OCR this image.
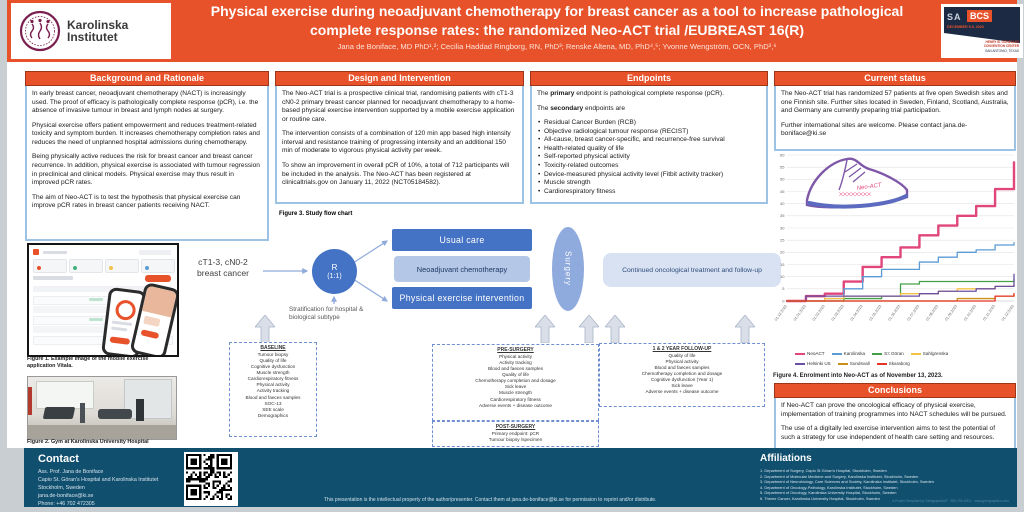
Karolinska
Institutet
Physical exercise during neoadjuvant chemotherapy for breast cancer as a tool to increase pathological
complete response rates: the randomized Neo-ACT trial /EUBREAST 16(R)
Jana de Boniface, MD PhD¹,²; Cecilia Haddad Ringborg, RN, PhD³; Renske Altena, MD, PhD⁴,⁵; Yvonne Wengström, OCN, PhD³,⁶
SA BCS
DECEMBER 5-9, 2023
HENRY B. GONZALEZ
CONVENTION CENTER
SAN ANTONIO, TEXAS
Background and Rationale
In early breast cancer, neoadjuvant chemotherapy (NACT) is increasingly used. The proof of efficacy is pathologically complete response (pCR), i.e. the absence of invasive tumour in breast and lymph nodes at surgery.
Physical exercise offers patient empowerment and reduces treatment-related toxicity and symptom burden. It increases chemotherapy completion rates and reduces the need of unplanned hospital admissions during chemotherapy.
Being physically active reduces the risk for breast cancer and breast cancer recurrence. In addition, physical exercise is associated with tumour regression in preclinical and clinical models. Physical exercise may thus result in improved pCR rates.
The aim of Neo-ACT is to test the hypothesis that physical exercise can improve pCR rates in breast cancer patients receiving NACT.
Design and Intervention
The Neo-ACT trial is a prospective clinical trial, randomising patients with cT1-3 cN0-2 primary breast cancer planned for neoadjuvant chemotherapy to a home-based physical exercise intervention supported by a mobile exercise application or routine care.
The intervention consists of a combination of 120 min app based high intensity interval and resistance training of progressing intensity and an additional 150 min of moderate to vigorous physical activity per week.
To show an improvement in overall pCR of 10%, a total of 712 participants will be included in the analysis. The Neo-ACT has been registered at clinicaltrials.gov on January 11, 2022 (NCT05184582).
Endpoints
The primary endpoint is pathological complete response (pCR).
The secondary endpoints are
• Residual Cancer Burden (RCB)
• Objective radiological tumour response (RECIST)
• All-cause, breast cancer-specific, and recurrence-free survival
• Health-related quality of life
• Self-reported physical activity
• Toxicity-related outcomes
• Device-measured physical activity level (Fitbit activity tracker)
• Muscle strength
• Cardiorespiratory fitness
Current status
The Neo-ACT trial has randomized 57 patients at five open Swedish sites and one Finnish site. Further sites located in Sweden, Finland, Scotland, Australia, and Germany are currently preparing trial participation.
Further international sites are welcome. Please contact jana.de-boniface@ki.se
Figure 1. Example image of the mobile exercise application Vitala.
Figure 2. Gym at Karolinska University Hospital
Figure 3. Study flow chart
cT1-3, cN0-2
breast cancer
R
(1:1)
Stratification for hospital &
biological subtype
Usual care
Neoadjuvant chemotherapy
Physical exercise intervention
Surgery	Continued oncological treatment and follow-up
BASELINE
Tumour biopsy
Quality of life
Cognitive dysfunction
Muscle strength
Cardiorespiratory fitness
Physical activity
Activity tracking
Blood and faeces samples
SOC-13
SEE scale
Demographics
PRE-SURGERY
Physical activity
Activity tracking
Blood and faeces samples
Quality of life
Chemotherapy completion and dosage
Sick leave
Muscle strength
Cardiorespiratory fitness
Adverse events + disease outcome
POST-SURGERY
Primary endpoint: pCR
Tumour biopsy /specimen
1 & 2 YEAR FOLLOW-UP
Quality of life
Physical activity
Blood and faeces samples
Chemotherapy completion and dosage
Cognitive dysfunction (Year 1)
Sick leave
Adverse events + disease outcome
0
5
10
15
20
25
30
35
40
45
50
55
60
01.12.2022 01.01.2023 01.02.2023 01.03.2023 01.04.2023 01.05.2023 01.06.2023 01.07.2023 01.08.2023 01.09.2023 01.10.2023 01.11.2023 01.12.2023
NeoACT	Karolinska	S:t Göran	Sahlgrenska
Helsinki US	Sundsvall	Skaraborg
Figure 4. Enrolment into Neo-ACT as of November 13, 2023.
⨉⨉⨉⨉⨉⨉⨉⨉
Neo-ACT
Conclusions
If Neo-ACT can prove the oncological efficacy of physical exercise, implementation of training programmes into NACT schedules will be pursued.
The use of a digitally led exercise intervention aims to test the potential of such a strategy for use independent of health care setting and resources.
Contact
Ass. Prof. Jana de Boniface
Capio St. Göran's Hospital and Karolinska Institutet
Stockholm, Sweden
jana.de-boniface@ki.se
Phone: +46 702 472305
Affiliations
Department of Surgery, Capio St Göran's Hospital, Stockholm, Sweden
Department of Molecular Medicine and Surgery, Karolinska Institutet, Stockholm, Sweden
Department of Neurobiology, Care Sciences and Society, Karolinska Institutet, Stockholm, Sweden
Department of Oncology-Pathology, Karolinska Institutet, Stockholm, Sweden
Department of Oncology, Karolinska University Hospital, Stockholm, Sweden
Theme Cancer, Karolinska University Hospital, Stockholm, Sweden
This presentation is the intellectual property of the author/presenter. Contact them at jana.de-boniface@ki.se for permission to reprint and/or distribute.	A Poster Template by Genigraphics® · 800.790.4001 · www.genigraphics.com
